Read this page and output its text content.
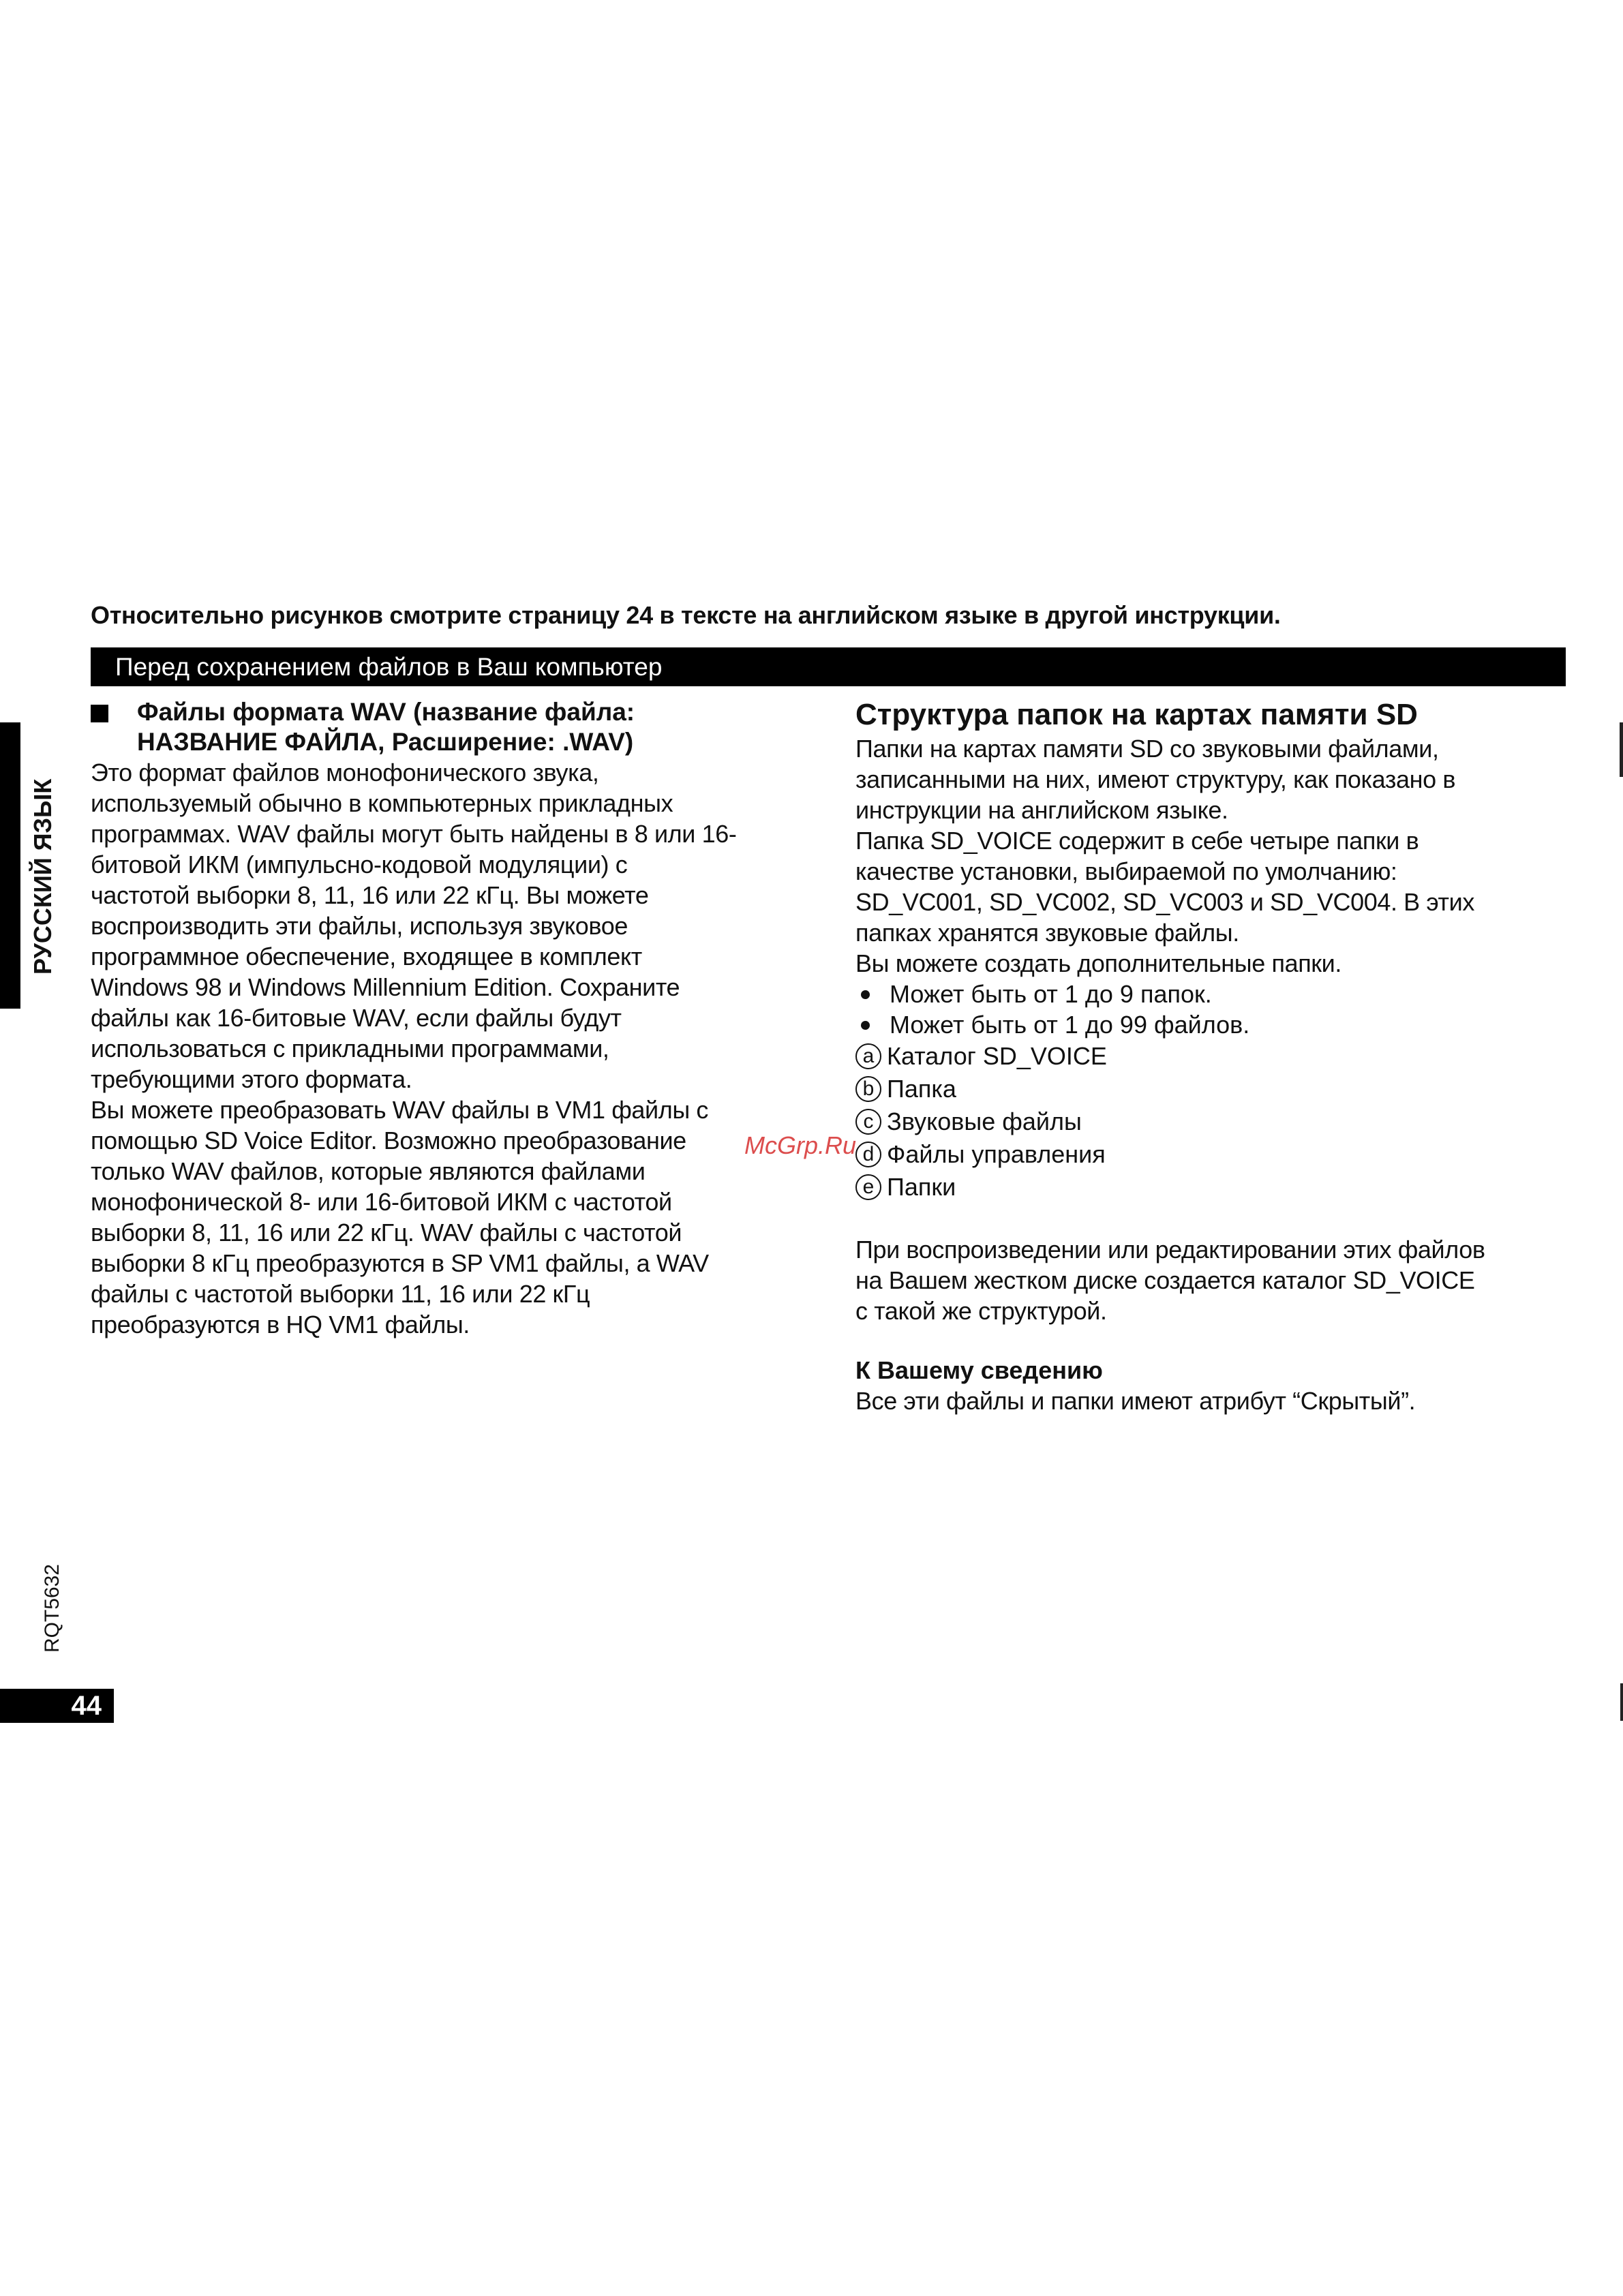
Относительно рисунков смотрите страницу 24 в тексте на английском языке в другой инструкции.
Перед сохранением файлов в Ваш компьютер
РУССКИЙ ЯЗЫК
RQT5632
44
Файлы формата WAV (название файла:
НАЗВАНИЕ ФАЙЛА, Расширение: .WAV)
Это формат файлов монофонического звука,
используемый обычно в компьютерных прикладных
программах. WAV файлы могут быть найдены в 8 или 16-
битовой ИКМ (импульсно-кодовой модуляции) с
частотой выборки 8, 11, 16 или 22 кГц. Вы можете
воспроизводить эти файлы, используя звуковое
программное обеспечение, входящее в комплект
Windows 98 и Windows Millennium Edition. Сохраните
файлы как 16-битовые WAV, если файлы будут
использоваться с прикладными программами,
требующими этого формата.
Вы можете преобразовать WAV файлы в VM1 файлы с
помощью SD Voice Editor. Возможно преобразование
только WAV файлов, которые являются файлами
монофонической 8- или 16-битовой ИКМ с частотой
выборки 8, 11, 16 или 22 кГц. WAV файлы с частотой
выборки 8 кГц преобразуются в SP VM1 файлы, а WAV
файлы с частотой выборки 11, 16 или 22 кГц
преобразуются в HQ VM1 файлы.
Структура папок на картах памяти SD
Папки на картах памяти SD со звуковыми файлами,
записанными на них, имеют структуру, как показано в
инструкции на английском языке.
Папка SD_VOICE содержит в себе четыре папки в
качестве установки, выбираемой по умолчанию:
SD_VC001, SD_VC002, SD_VC003 и SD_VC004. В этих
папках хранятся звуковые файлы.
Вы можете создать дополнительные папки.
Может быть от 1 до 9 папок.
Может быть от 1 до 99 файлов.
a Каталог SD_VOICE
b Папка
c Звуковые файлы
d Файлы управления
e Папки
При воспроизведении или редактировании этих файлов
на Вашем жестком диске создается каталог SD_VOICE
с такой же структурой.
К Вашему сведению
Все эти файлы и папки имеют атрибут “Скрытый”.
McGrp.Ru
